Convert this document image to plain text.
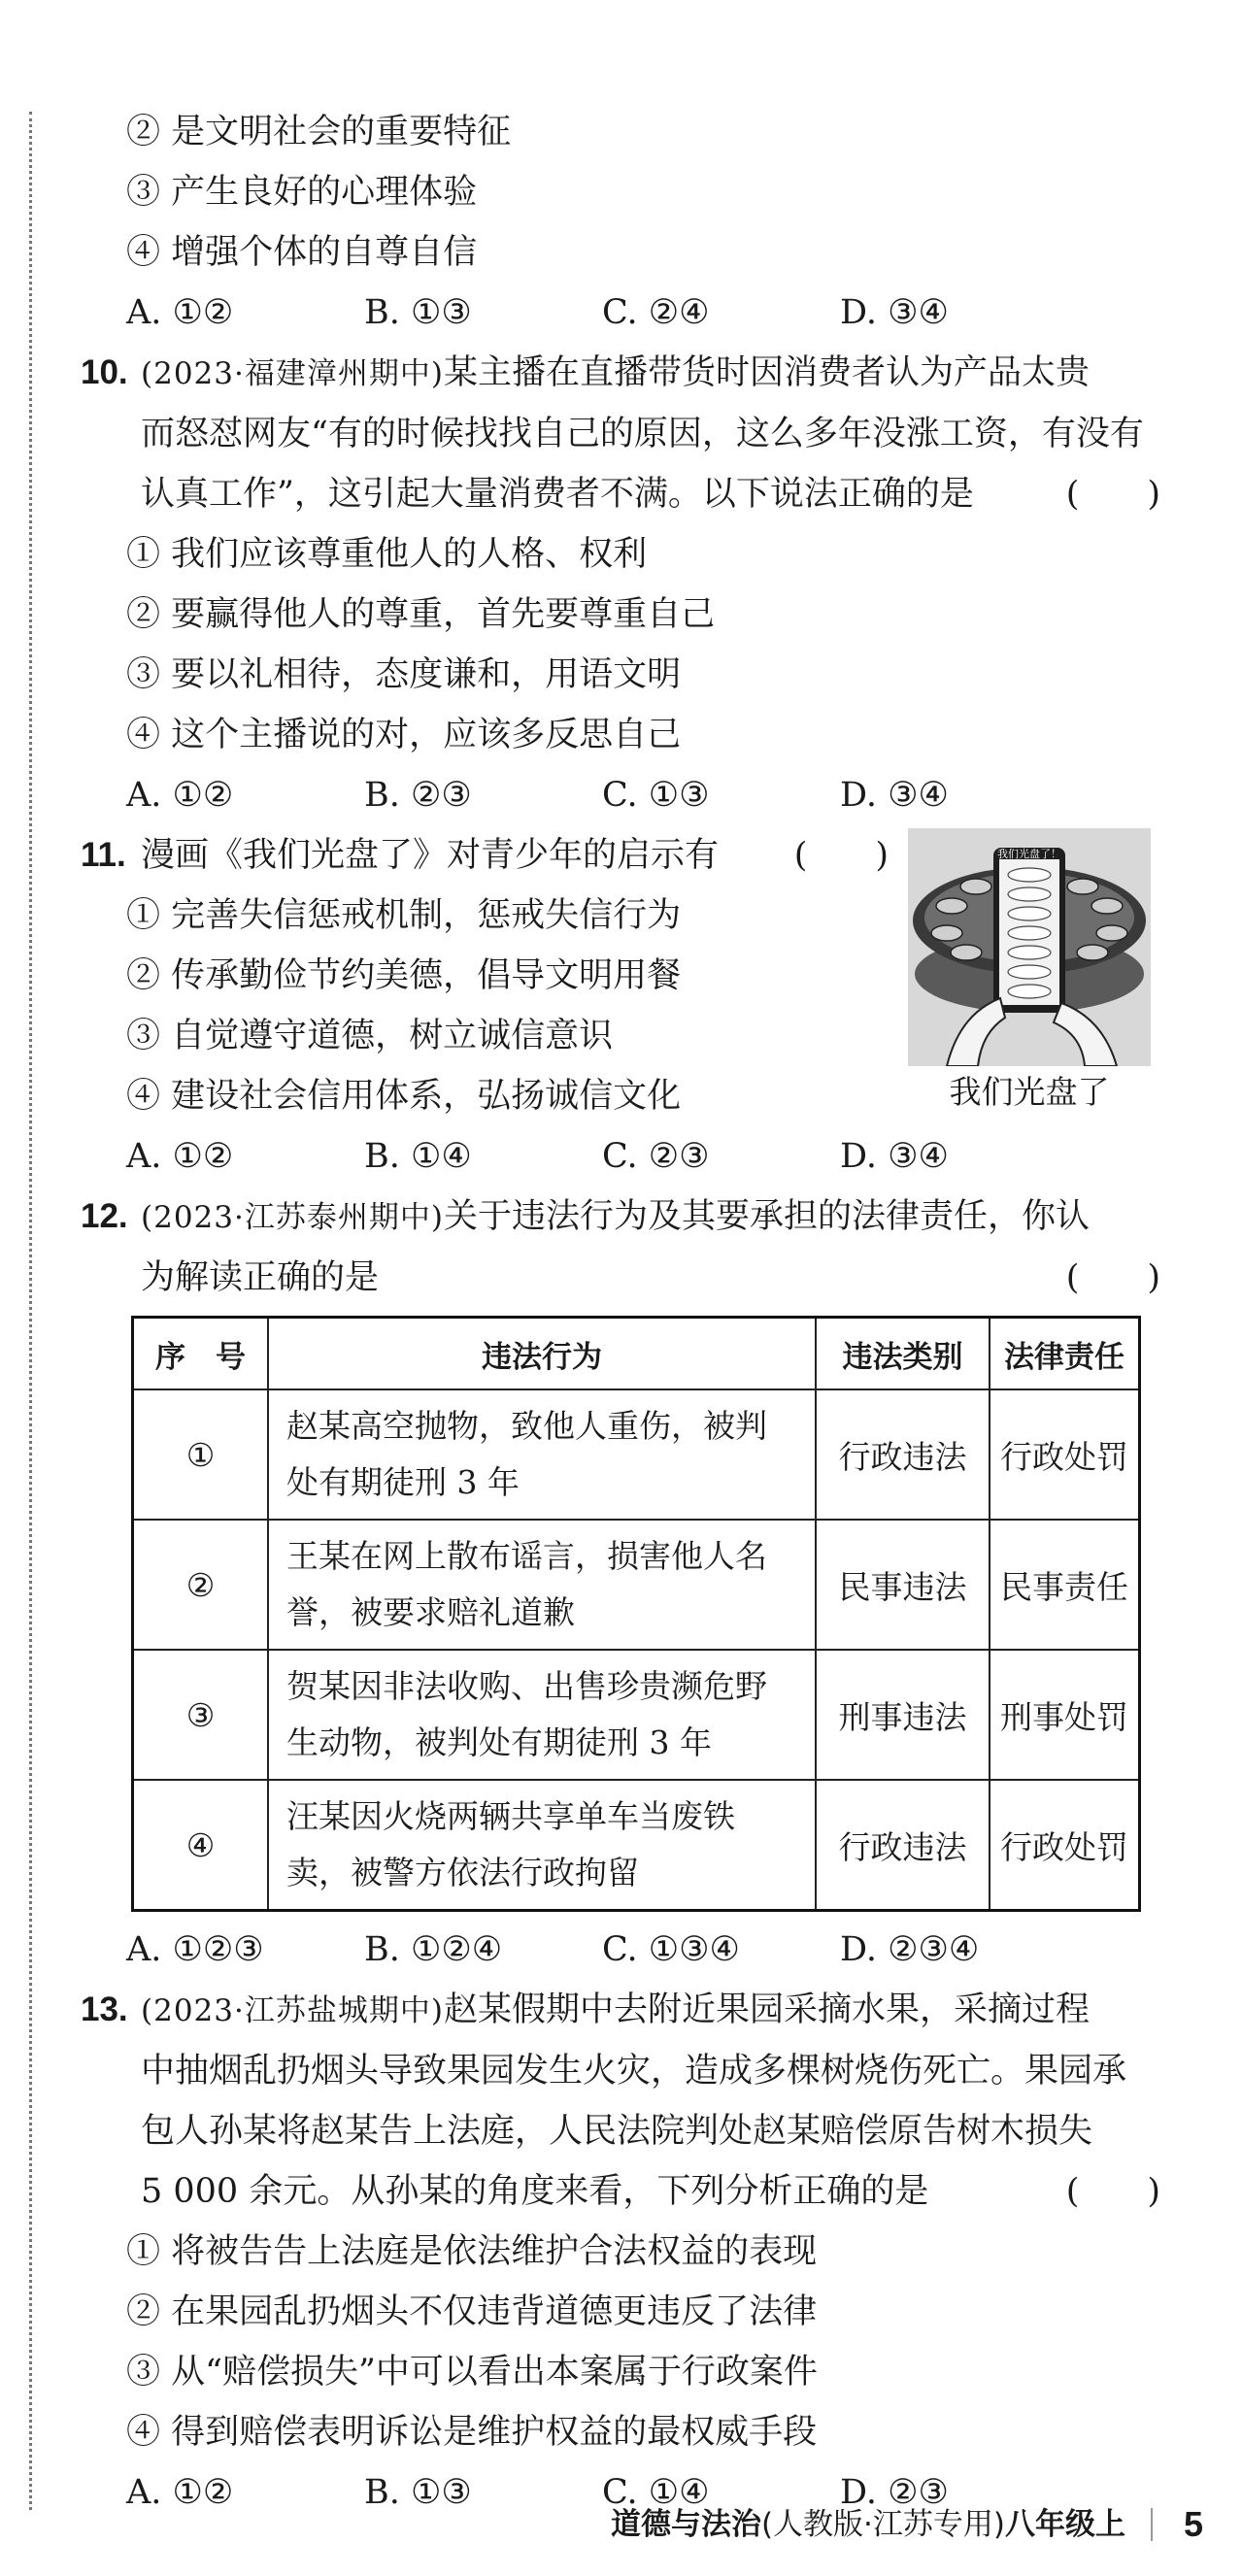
② 是文明社会的重要特征
③ 产生良好的心理体验
④ 增强个体的自尊自信
A. ①②	B. ①③	C. ②④	D. ③④
10. (2023·福建漳州期中)某主播在直播带货时因消费者认为产品太贵
而怒怼网友“有的时候找找自己的原因，这么多年没涨工资，有没有
认真工作”，这引起大量消费者不满。以下说法正确的是	(　　)
① 我们应该尊重他人的人格、权利
② 要赢得他人的尊重，首先要尊重自己
③ 要以礼相待，态度谦和，用语文明
④ 这个主播说的对，应该多反思自己
A. ①②	B. ②③	C. ①③	D. ③④
11. 漫画《我们光盘了》对青少年的启示有 (　　)
① 完善失信惩戒机制，惩戒失信行为
② 传承勤俭节约美德，倡导文明用餐
③ 自觉遵守道德，树立诚信意识
④ 建设社会信用体系，弘扬诚信文化
A. ①②	B. ①④	C. ②③	D. ③④
我们光盘了！
我们光盘了
12. (2023·江苏泰州期中)关于违法行为及其要承担的法律责任，你认
为解读正确的是	(　　)
序　号	违法行为	违法类别	法律责任
①	赵某高空抛物，致他人重伤，被判处有期徒刑 3 年	行政违法	行政处罚
②	王某在网上散布谣言，损害他人名誉，被要求赔礼道歉	民事违法	民事责任
③	贺某因非法收购、出售珍贵濒危野生动物，被判处有期徒刑 3 年	刑事违法	刑事处罚
④	汪某因火烧两辆共享单车当废铁卖，被警方依法行政拘留	行政违法	行政处罚
A. ①②③	B. ①②④	C. ①③④	D. ②③④
13. (2023·江苏盐城期中)赵某假期中去附近果园采摘水果，采摘过程
中抽烟乱扔烟头导致果园发生火灾，造成多棵树烧伤死亡。果园承
包人孙某将赵某告上法庭，人民法院判处赵某赔偿原告树木损失
5 000 余元。从孙某的角度来看，下列分析正确的是	(　　)
① 将被告告上法庭是依法维护合法权益的表现
② 在果园乱扔烟头不仅违背道德更违反了法律
③ 从“赔偿损失”中可以看出本案属于行政案件
④ 得到赔偿表明诉讼是维护权益的最权威手段
A. ①②	B. ①③	C. ①④	D. ②③
道德与法治(人教版·江苏专用)八年级上 5
